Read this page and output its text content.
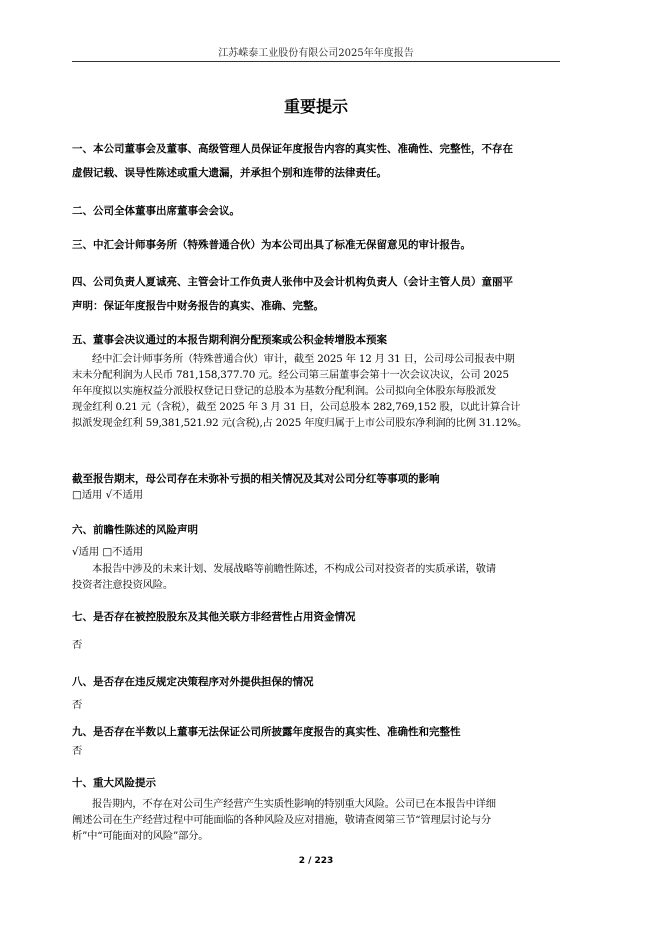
江苏嵘泰工业股份有限公司2025年年度报告
重要提示
一、本公司董事会及董事、高级管理人员保证年度报告内容的真实性、准确性、完整性，不存在
虚假记载、误导性陈述或重大遗漏，并承担个别和连带的法律责任。
二、公司全体董事出席董事会会议。
三、中汇会计师事务所（特殊普通合伙）为本公司出具了标准无保留意见的审计报告。
四、公司负责人夏诚亮、主管会计工作负责人张伟中及会计机构负责人（会计主管人员）童丽平
声明：保证年度报告中财务报告的真实、准确、完整。
五、董事会决议通过的本报告期利润分配预案或公积金转增股本预案
经中汇会计师事务所（特殊普通合伙）审计，截至 2025 年 12 月 31 日，公司母公司报表中期
末未分配利润为人民币 781,158,377.70 元。经公司第三届董事会第十一次会议决议，公司 2025
年年度拟以实施权益分派股权登记日登记的总股本为基数分配利润。公司拟向全体股东每股派发
现金红利 0.21 元（含税），截至 2025 年 3 月 31 日，公司总股本 282,769,152 股，以此计算合计
拟派发现金红利 59,381,521.92 元(含税),占 2025 年度归属于上市公司股东净利润的比例 31.12%。
截至报告期末，母公司存在未弥补亏损的相关情况及其对公司分红等事项的影响
□适用 √不适用
六、前瞻性陈述的风险声明
√适用 □不适用
本报告中涉及的未来计划、发展战略等前瞻性陈述，不构成公司对投资者的实质承诺，敬请
投资者注意投资风险。
七、是否存在被控股股东及其他关联方非经营性占用资金情况
否
八、是否存在违反规定决策程序对外提供担保的情况
否
九、是否存在半数以上董事无法保证公司所披露年度报告的真实性、准确性和完整性
否
十、重大风险提示
报告期内，不存在对公司生产经营产生实质性影响的特别重大风险。公司已在本报告中详细
阐述公司在生产经营过程中可能面临的各种风险及应对措施，敬请查阅第三节“管理层讨论与分
析”中“可能面对的风险”部分。
2 / 223
